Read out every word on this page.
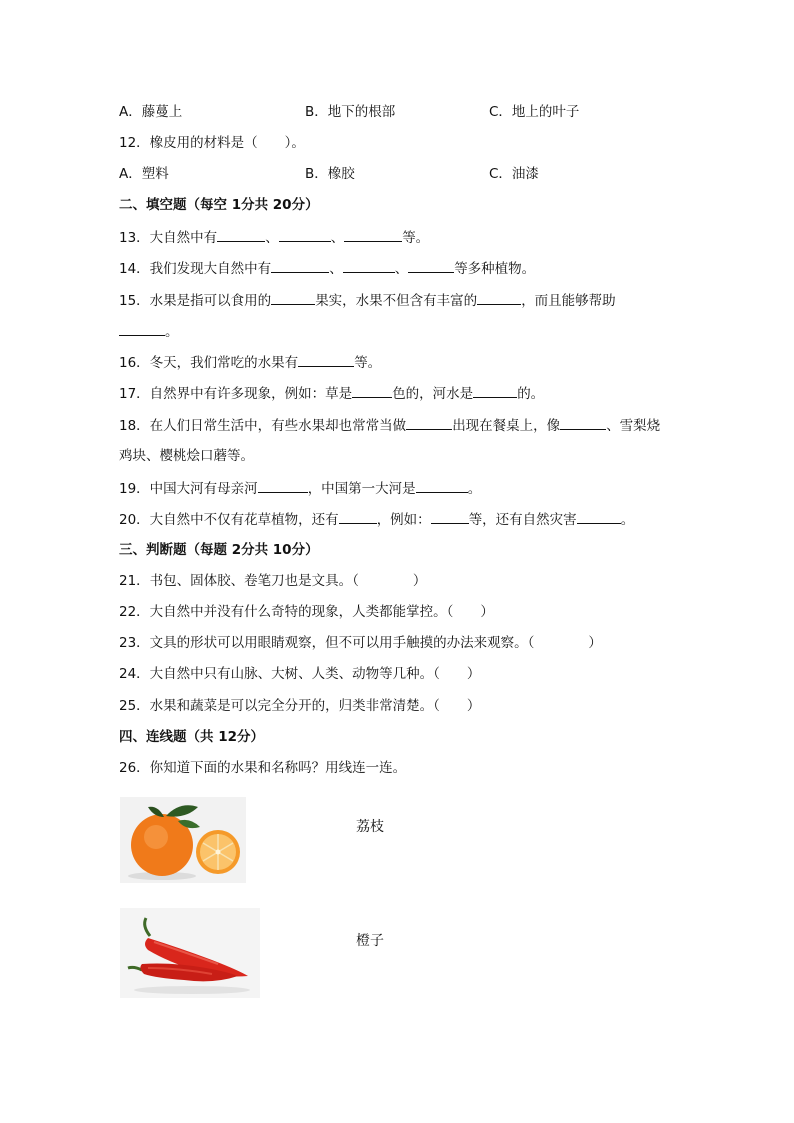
A．藤蔓上	B．地下的根部	C．地上的叶子
12．橡皮用的材料是（　　）。
A．塑料	B．橡胶	C．油漆
二、填空题（每空 1分共 20分）
13．大自然中有	、	、	等。
14．我们发现大自然中有	、	、	等多种植物。
15．水果是指可以食用的	果实，水果不但含有丰富的	，而且能够帮助
。
16．冬天，我们常吃的水果有	等。
17．自然界中有许多现象，例如：草是	色的，河水是	的。
18．在人们日常生活中，有些水果却也常常当做	出现在餐桌上，像	、雪梨烧
鸡块、樱桃烩口蘑等。
19．中国大河有母亲河	，中国第一大河是	。
20．大自然中不仅有花草植物，还有	，例如：	等，还有自然灾害	。
三、判断题（每题 2分共 10分）
21．书包、固体胶、卷笔刀也是文具。（　　　　）
22．大自然中并没有什么奇特的现象，人类都能掌控。（　　）
23．文具的形状可以用眼睛观察，但不可以用手触摸的办法来观察。（　　　　）
24．大自然中只有山脉、大树、人类、动物等几种。（　　）
25．水果和蔬菜是可以完全分开的，归类非常清楚。（　　）
四、连线题（共 12分）
26．你知道下面的水果和名称吗？用线连一连。
荔枝
橙子
